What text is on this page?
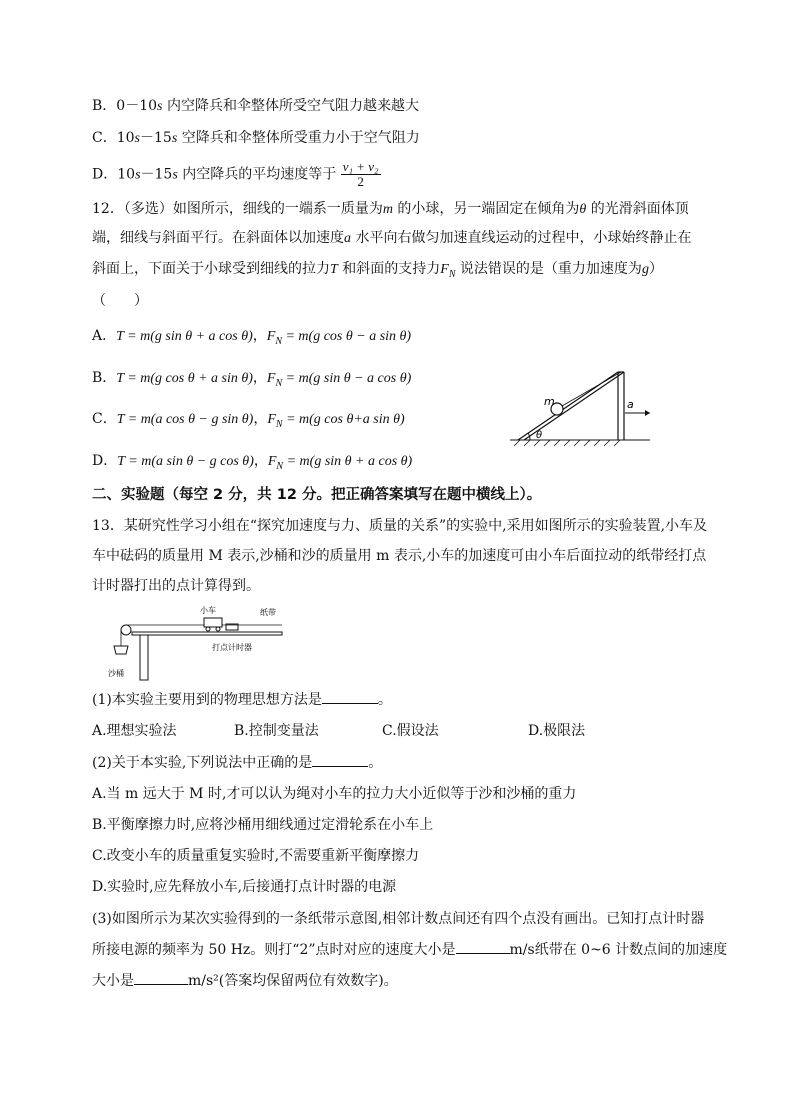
B．0－10s 内空降兵和伞整体所受空气阻力越来越大
C．10s－15s 空降兵和伞整体所受重力小于空气阻力
D．10s－15s 内空降兵的平均速度等于 $\frac{\text{v₁ + v₂}}{2}$
12．（多选）如图所示，细线的一端系一质量为m 的小球，另一端固定在倾角为θ 的光滑斜面体顶
端，细线与斜面平行。在斜面体以加速度a 水平向右做匀加速直线运动的过程中，小球始终静止在
斜面上，下面关于小球受到细线的拉力T 和斜面的支持力$F_N$ 说法错误的是（重力加速度为g）
（　　）
A．T = m(g sin θ + a cos θ)，$F_N = m(g$ cos θ − a sin θ)
B．T = m(g cos θ + a sin θ)，$F_N = m(g$ sin θ − a cos θ)
C．T = m(a cos θ − g sin θ)，$F_N = m(g$ cos θ+a sin θ)
D．T = m(a sin θ − g cos θ)，$F_N = m(g$ sin θ + a cos θ)
m
θ
a
二、实验题（每空 2 分，共 12 分。把正确答案填写在题中横线上）。
13．某研究性学习小组在“探究加速度与力、质量的关系”的实验中,采用如图所示的实验装置,小车及
车中砝码的质量用 M 表示,沙桶和沙的质量用 m 表示,小车的加速度可由小车后面拉动的纸带经打点
计时器打出的点计算得到。
小车	纸带
打点计时器
沙桶
(1)本实验主要用到的物理思想方法是	。
A.理想实验法	B.控制变量法	C.假设法	D.极限法
(2)关于本实验,下列说法中正确的是	。
A.当 m 远大于 M 时,才可以认为绳对小车的拉力大小近似等于沙和沙桶的重力
B.平衡摩擦力时,应将沙桶用细线通过定滑轮系在小车上
C.改变小车的质量重复实验时,不需要重新平衡摩擦力
D.实验时,应先释放小车,后接通打点计时器的电源
(3)如图所示为某次实验得到的一条纸带示意图,相邻计数点间还有四个点没有画出。已知打点计时器
所接电源的频率为 50 Hz。则打“2”点时对应的速度大小是	m/s纸带在 0~6 计数点间的加速度
大小是	m/s²(答案均保留两位有效数字)。
